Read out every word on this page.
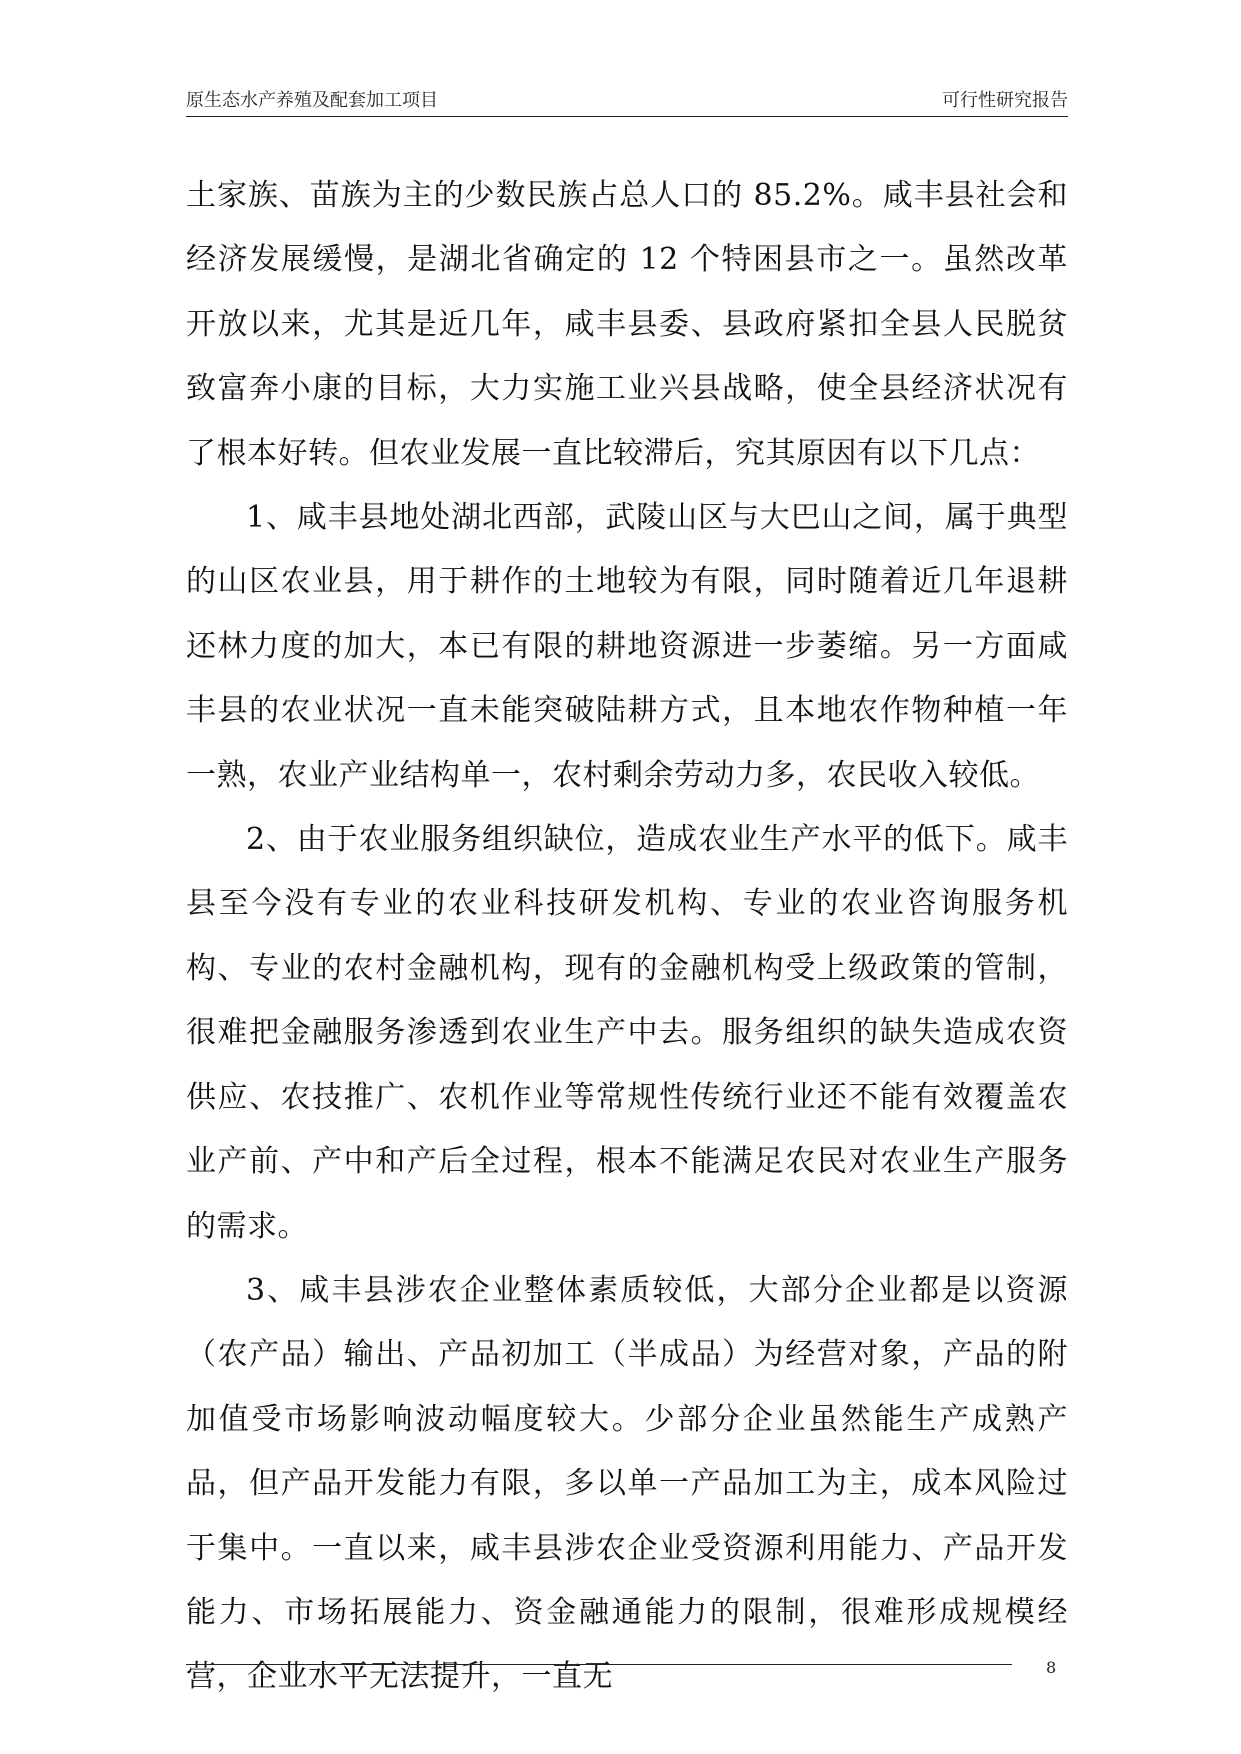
原生态水产养殖及配套加工项目	可行性研究报告

土家族、苗族为主的少数民族占总人口的 85.2%。咸丰县社会和经济发展缓慢，是湖北省确定的 12 个特困县市之一。虽然改革开放以来，尤其是近几年，咸丰县委、县政府紧扣全县人民脱贫致富奔小康的目标，大力实施工业兴县战略，使全县经济状况有了根本好转。但农业发展一直比较滞后，究其原因有以下几点：

1、咸丰县地处湖北西部，武陵山区与大巴山之间，属于典型的山区农业县，用于耕作的土地较为有限，同时随着近几年退耕还林力度的加大，本已有限的耕地资源进一步萎缩。另一方面咸丰县的农业状况一直未能突破陆耕方式，且本地农作物种植一年一熟，农业产业结构单一，农村剩余劳动力多，农民收入较低。

2、由于农业服务组织缺位，造成农业生产水平的低下。咸丰县至今没有专业的农业科技研发机构、专业的农业咨询服务机构、专业的农村金融机构，现有的金融机构受上级政策的管制，很难把金融服务渗透到农业生产中去。服务组织的缺失造成农资供应、农技推广、农机作业等常规性传统行业还不能有效覆盖农业产前、产中和产后全过程，根本不能满足农民对农业生产服务的需求。

3、咸丰县涉农企业整体素质较低，大部分企业都是以资源（农产品）输出、产品初加工（半成品）为经营对象，产品的附加值受市场影响波动幅度较大。少部分企业虽然能生产成熟产品，但产品开发能力有限，多以单一产品加工为主，成本风险过于集中。一直以来，咸丰县涉农企业受资源利用能力、产品开发能力、市场拓展能力、资金融通能力的限制，很难形成规模经营，企业水平无法提升，一直无	8
